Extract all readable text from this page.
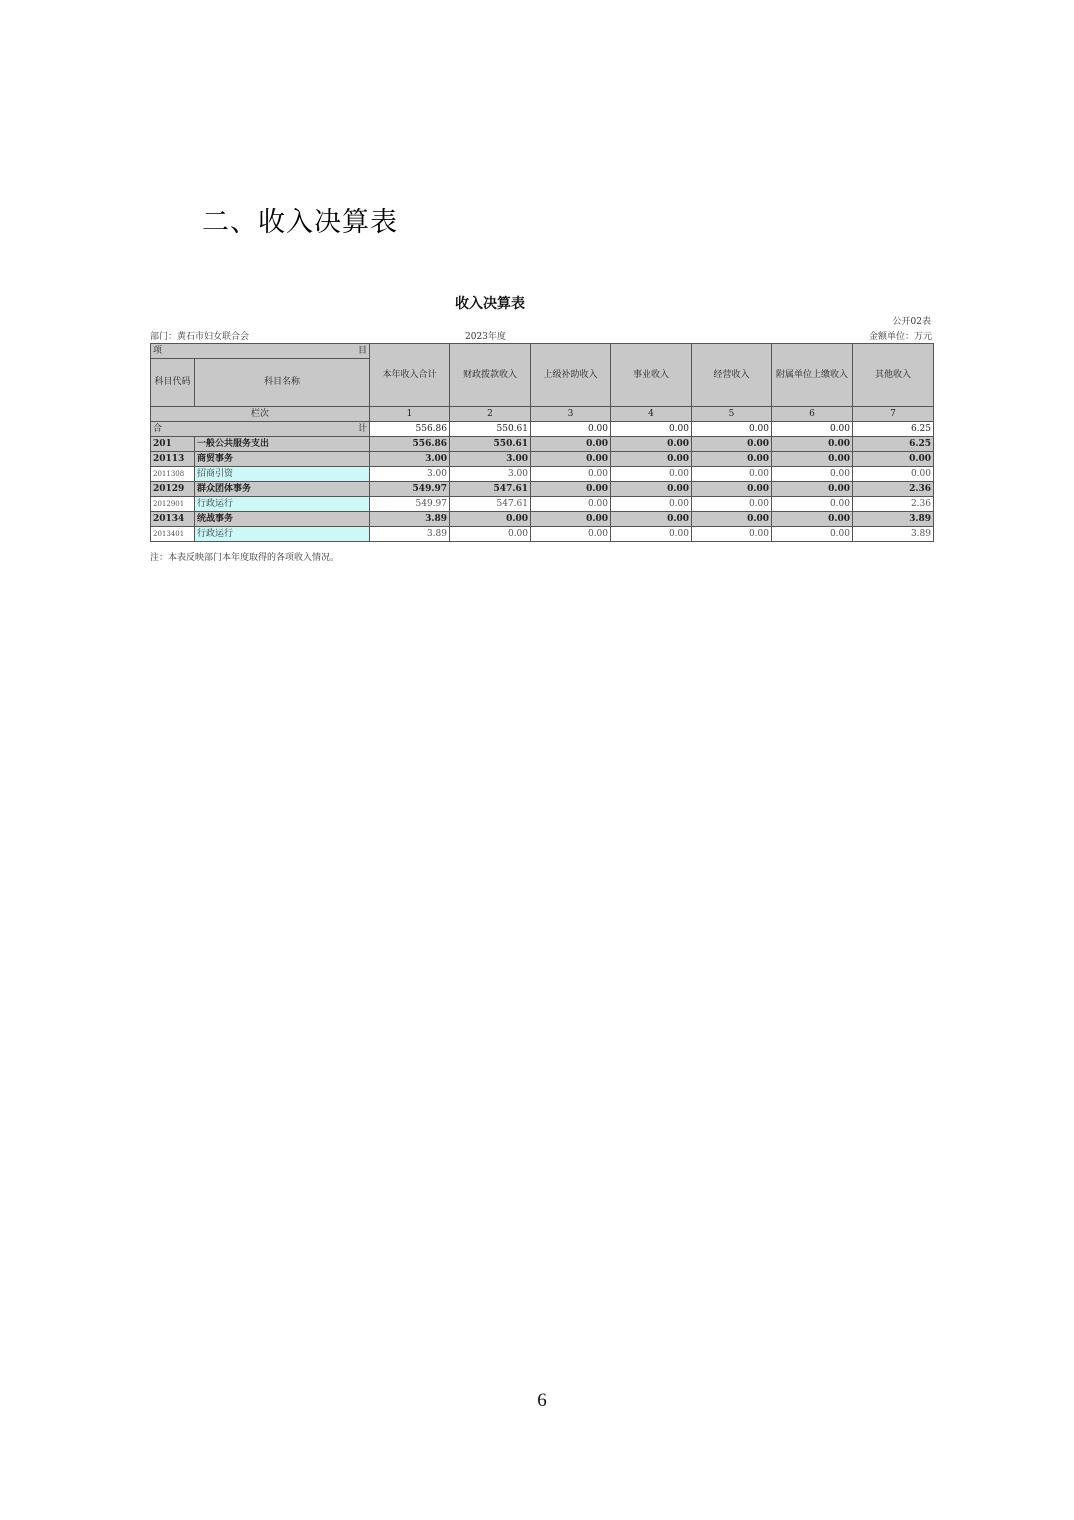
二、收入决算表
收入决算表
公开02表
部门：黄石市妇女联合会	2023年度	金额单位：万元
项 目		本年收入合计	财政拨款收入	上级补助收入	事业收入	经营收入	附属单位上缴收入	其他收入
科目代码	科目名称							
栏次		1	2	3	4	5	6	7
合 计		556.86	550.61	0.00	0.00	0.00	0.00	6.25
201	一般公共服务支出	556.86	550.61	0.00	0.00	0.00	0.00	6.25
20113	商贸事务	3.00	3.00	0.00	0.00	0.00	0.00	0.00
2011308	招商引资	3.00	3.00	0.00	0.00	0.00	0.00	0.00
20129	群众团体事务	549.97	547.61	0.00	0.00	0.00	0.00	2.36
2012901	行政运行	549.97	547.61	0.00	0.00	0.00	0.00	2.36
20134	统战事务	3.89	0.00	0.00	0.00	0.00	0.00	3.89
2013401	行政运行	3.89	0.00	0.00	0.00	0.00	0.00	3.89
注：本表反映部门本年度取得的各项收入情况。
6
